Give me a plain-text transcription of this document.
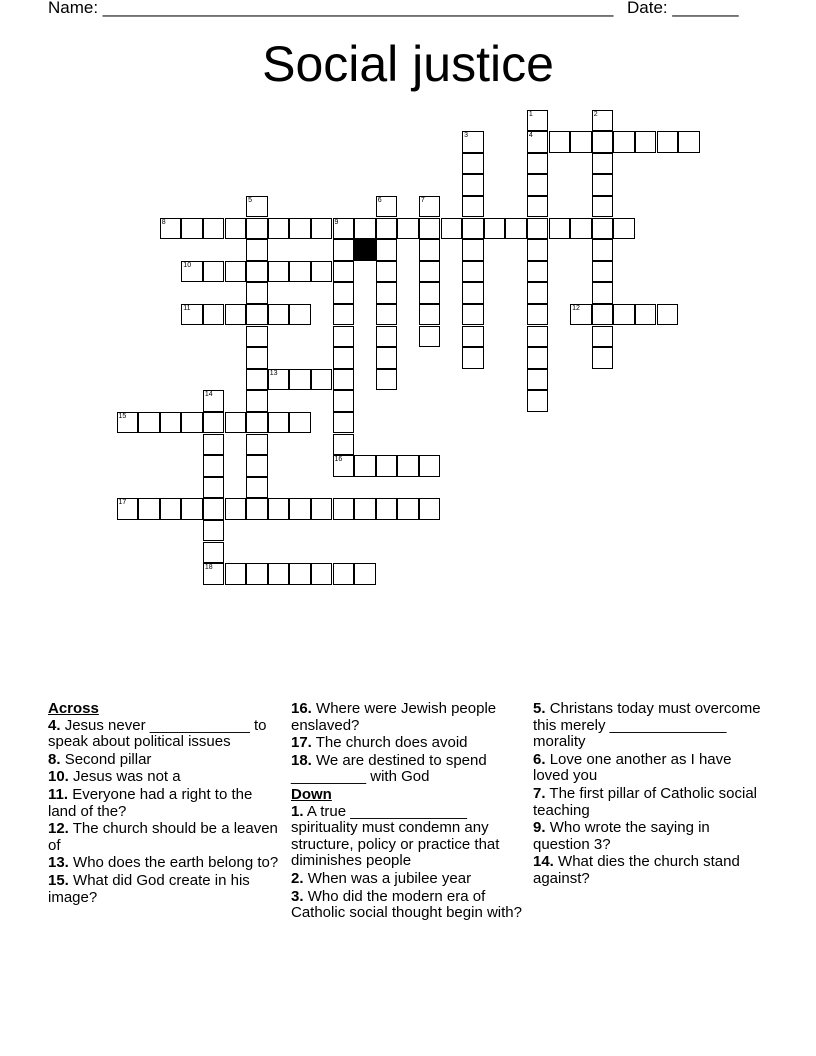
Name: ______________________________________________________ Date: _______
Social justice
4
8	9
10
11	12
13
15
16
17
18
1	2
3
5	6	7
14
Across
4. Jesus never ____________ to speak about political issues
8. Second pillar
10. Jesus was not a
11. Everyone had a right to the land of the?
12. The church should be a leaven of
13. Who does the earth belong to?
15. What did God create in his image?
16. Where were Jewish people enslaved?
17. The church does avoid
18. We are destined to spend _________ with God
Down
1. A true ______________ spirituality must condemn any structure, policy or practice that diminishes people
2. When was a jubilee year
3. Who did the modern era of Catholic social thought begin with?
5. Christans today must overcome this merely ______________ morality
6. Love one another as I have loved you
7. The first pillar of Catholic social teaching
9. Who wrote the saying in question 3?
14. What dies the church stand against?
